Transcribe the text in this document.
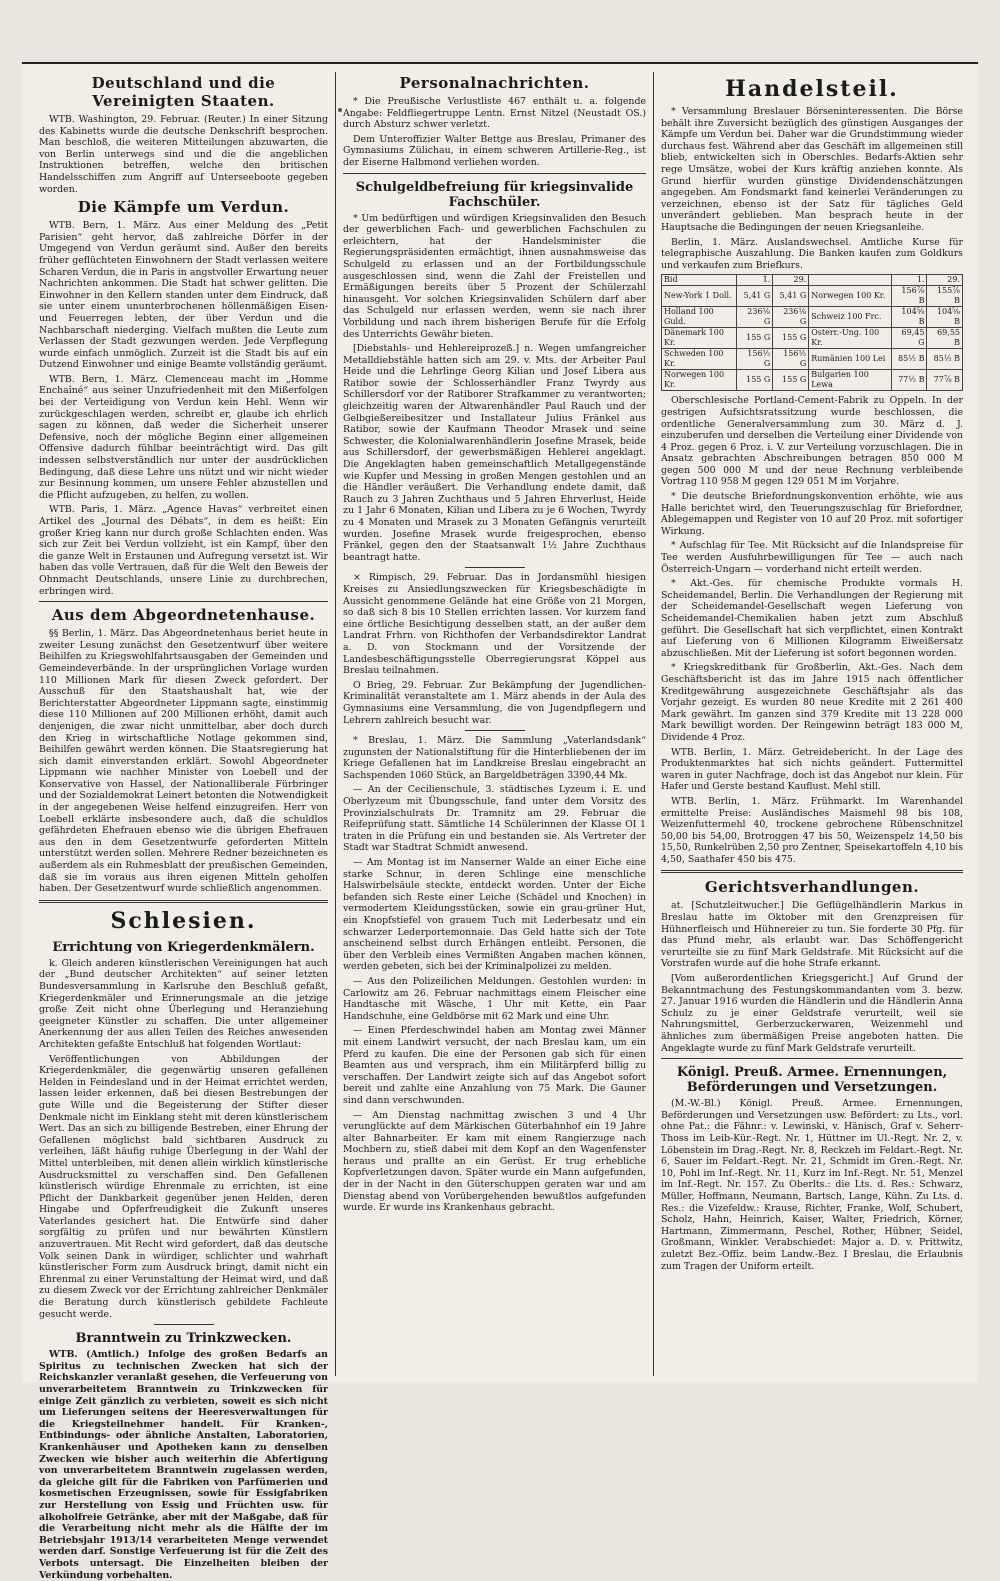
Deutschland und die Vereinigten Staaten.

WTB. Washington, 29. Februar. (Reuter.) In einer Sitzung des Kabinetts wurde die deutsche Denkschrift besprochen. Man beschloß, die weiteren Mitteilungen abzuwarten, die von Berlin unterwegs sind und die die angeblichen Instruktionen betreffen, welche den britischen Handelsschiffen zum Angriff auf Unterseeboote gegeben worden.

Die Kämpfe um Verdun.

WTB. Bern, 1. März. Aus einer Meldung des „Petit Parisien“ geht hervor, daß zahlreiche Dörfer in der Umgegend von Verdun geräumt sind. Außer den bereits früher geflüchteten Einwohnern der Stadt verlassen weitere Scharen Verdun, die in Paris in angstvoller Erwartung neuer Nachrichten ankommen. Die Stadt hat schwer gelitten. Die Einwohner in den Kellern standen unter dem Eindruck, daß sie unter einem ununterbrochenen höllenmäßigen Eisen- und Feuerregen lebten, der über Verdun und die Nachbarschaft niederging. Vielfach mußten die Leute zum Verlassen der Stadt gezwungen werden. Jede Verpflegung wurde einfach unmöglich. Zurzeit ist die Stadt bis auf ein Dutzend Einwohner und einige Beamte vollständig geräumt.

WTB. Bern, 1. März. Clemenceau macht im „Homme Enchaîné“ aus seiner Unzufriedenheit mit den Mißerfolgen bei der Verteidigung von Verdun kein Hehl. Wenn wir zurückgeschlagen werden, schreibt er, glaube ich ehrlich sagen zu können, daß weder die Sicherheit unserer Defensive, noch der mögliche Beginn einer allgemeinen Offensive dadurch fühlbar beeinträchtigt wird. Das gilt indessen selbstverständlich nur unter der ausdrücklichen Bedingung, daß diese Lehre uns nützt und wir nicht wieder zur Besinnung kommen, um unsere Fehler abzustellen und die Pflicht aufzugeben, zu helfen, zu wollen.

WTB. Paris, 1. März. „Agence Havas“ verbreitet einen Artikel des „Journal des Débats“, in dem es heißt: Ein großer Krieg kann nur durch große Schlachten enden. Was sich zur Zeit bei Verdun vollzieht, ist ein Kampf, über den die ganze Welt in Erstaunen und Aufregung versetzt ist. Wir haben das volle Vertrauen, daß für die Welt den Beweis der Ohnmacht Deutschlands, unsere Linie zu durchbrechen, erbringen wird.

Aus dem Abgeordnetenhause.

§§ Berlin, 1. März. Das Abgeordnetenhaus beriet heute in zweiter Lesung zunächst den Gesetzentwurf über weitere Beihilfen zu Kriegswohlfahrtsausgaben der Gemeinden und Gemeindeverbände. In der ursprünglichen Vorlage wurden 110 Millionen Mark für diesen Zweck gefordert. Der Ausschuß für den Staatshaushalt hat, wie der Berichterstatter Abgeordneter Lippmann sagte, einstimmig diese 110 Millionen auf 200 Millionen erhöht, damit auch denjenigen, die zwar nicht unmittelbar, aber doch durch den Krieg in wirtschaftliche Notlage gekommen sind, Beihilfen gewährt werden können. Die Staatsregierung hat sich damit einverstanden erklärt. Sowohl Abgeordneter Lippmann wie nachher Minister von Loebell und der Konservative von Hassel, der Nationalliberale Fürbringer und der Sozialdemokrat Leinert betonten die Notwendigkeit in der angegebenen Weise helfend einzugreifen. Herr von Loebell erklärte insbesondere auch, daß die schuldlos gefährdeten Ehefrauen ebenso wie die übrigen Ehefrauen aus den in dem Gesetzentwurfe geforderten Mitteln unterstützt werden sollen. Mehrere Redner bezeichneten es außerdem als ein Ruhmesblatt der preußischen Gemeinden, daß sie im voraus aus ihren eigenen Mitteln geholfen haben. Der Gesetzentwurf wurde schließlich angenommen.

Schlesien.
Errichtung von Kriegerdenkmälern.

k. Gleich anderen künstlerischen Vereinigungen hat auch der „Bund deutscher Architekten“ auf seiner letzten Bundesversammlung in Karlsruhe den Beschluß gefaßt, Kriegerdenkmäler und Erinnerungsmale an die jetzige große Zeit nicht ohne Überlegung und Heranziehung geeigneter Künstler zu schaffen. Die unter allgemeiner Anerkennung der aus allen Teilen des Reiches anwesenden Architekten gefaßte Entschluß hat folgenden Wortlaut:

Veröffentlichungen von Abbildungen der Kriegerdenkmäler, die gegenwärtig unseren gefallenen Helden in Feindesland und in der Heimat errichtet werden, lassen leider erkennen, daß bei diesen Bestrebungen der gute Wille und die Begeisterung der Stifter dieser Denkmale nicht im Einklang steht mit deren künstlerischem Wert. Das an sich zu billigende Bestreben, einer Ehrung der Gefallenen möglichst bald sichtbaren Ausdruck zu verleihen, läßt häufig ruhige Überlegung in der Wahl der Mittel unterbleiben, mit denen allein wirklich künstlerische Ausdrucksmittel zu verschaffen sind. Den Gefallenen künstlerisch würdige Ehrenmale zu errichten, ist eine Pflicht der Dankbarkeit gegenüber jenen Helden, deren Hingabe und Opferfreudigkeit die Zukunft unseres Vaterlandes gesichert hat. Die Entwürfe sind daher sorgfältig zu prüfen und nur bewährten Künstlern anzuvertrauen. Mit Recht wird gefordert, daß das deutsche Volk seinen Dank in würdiger, schlichter und wahrhaft künstlerischer Form zum Ausdruck bringt, damit nicht ein Ehrenmal zu einer Verunstaltung der Heimat wird, und daß zu diesem Zweck vor der Errichtung zahlreicher Denkmäler die Beratung durch künstlerisch gebildete Fachleute gesucht werde.

Branntwein zu Trinkzwecken.

WTB. (Amtlich.) Infolge des großen Bedarfs an Spiritus zu technischen Zwecken hat sich der Reichskanzler veranlaßt gesehen, die Verfeuerung von unverarbeitetem Branntwein zu Trinkzwecken für einige Zeit gänzlich zu verbieten, soweit es sich nicht um Lieferungen seitens der Heeresverwaltungen für die Kriegsteilnehmer handelt. Für Kranken-, Entbindungs- oder ähnliche Anstalten, Laboratorien, Krankenhäuser und Apotheken kann zu denselben Zwecken wie bisher auch weiterhin die Abfertigung von unverarbeitetem Branntwein zugelassen werden, da gleiche gilt für die Fabriken von Parfümerien und kosmetischen Erzeugnissen, sowie für Essigfabriken zur Herstellung von Essig und Früchten usw. für alkoholfreie Getränke, aber mit der Maßgabe, daß für die Verarbeitung nicht mehr als die Hälfte der im Betriebsjahr 1913/14 verarbeiteten Menge verwendet werden darf. Sonstige Verfeuerung ist für die Zeit des Verbots untersagt. Die Einzelheiten bleiben der Verkündung vorbehalten.

Personalnachrichten.

* Die Preußische Verlustliste 467 enthält u. a. folgende Angabe: Feldfliegertruppe Lentn. Ernst Nitzel (Neustadt OS.) durch Absturz schwer verletzt.

Dem Unteroffizier Walter Bettge aus Breslau, Primaner des Gymnasiums Zülichau, in einem schweren Artillerie-Reg., ist der Eiserne Halbmond verliehen worden.

Schulgeldbefreiung für kriegsinvalide Fachschüler.

* Um bedürftigen und würdigen Kriegsinvaliden den Besuch der gewerblichen Fach- und gewerblichen Fachschulen zu erleichtern, hat der Handelsminister die Regierungspräsidenten ermächtigt, ihnen ausnahmsweise das Schulgeld zu erlassen und an der Fortbildungsschule ausgeschlossen sind, wenn die Zahl der Freistellen und Ermäßigungen bereits über 5 Prozent der Schülerzahl hinausgeht. Vor solchen Kriegsinvaliden Schülern darf aber das Schulgeld nur erlassen werden, wenn sie nach ihrer Vorbildung und nach ihrem bisherigen Berufe für die Erfolg des Unterrichts Gewähr bieten.

[Diebstahls- und Hehlereiprozeß.] n. Wegen umfangreicher Metalldiebstähle hatten sich am 29. v. Mts. der Arbeiter Paul Heide und die Lehrlinge Georg Kilian und Josef Libera aus Ratibor sowie der Schlosserhändler Franz Twyrdy aus Schillersdorf vor der Ratiborer Strafkammer zu verantworten; gleichzeitig waren der Altwarenhändler Paul Rauch und der Gelbgießereibesitzer und Installateur Julius Fränkel aus Ratibor, sowie der Kaufmann Theodor Mrasek und seine Schwester, die Kolonialwarenhändlerin Josefine Mrasek, beide aus Schillersdorf, der gewerbsmäßigen Hehlerei angeklagt. Die Angeklagten haben gemeinschaftlich Metallgegenstände wie Kupfer und Messing in großen Mengen gestohlen und an die Händler veräußert. Die Verhandlung endete damit, daß Rauch zu 3 Jahren Zuchthaus und 5 Jahren Ehrverlust, Heide zu 1 Jahr 6 Monaten, Kilian und Libera zu je 6 Wochen, Twyrdy zu 4 Monaten und Mrasek zu 3 Monaten Gefängnis verurteilt wurden. Josefine Mrasek wurde freigesprochen, ebenso Fränkel, gegen den der Staatsanwalt 1½ Jahre Zuchthaus beantragt hatte.

× Rimpisch, 29. Februar. Das in Jordansmühl hiesigen Kreises zu Ansiedlungszwecken für Kriegsbeschädigte in Aussicht genommene Gelände hat eine Größe von 21 Morgen, so daß sich 8 bis 10 Stellen errichten lassen. Vor kurzem fand eine örtliche Besichtigung desselben statt, an der außer dem Landrat Frhrn. von Richthofen der Verbandsdirektor Landrat a. D. von Stockmann und der Vorsitzende der Landesbeschäftigungsstelle Oberregierungsrat Köppel aus Breslau teilnahmen.

O Brieg, 29. Februar. Zur Bekämpfung der Jugendlichen-Kriminalität veranstaltete am 1. März abends in der Aula des Gymnasiums eine Versammlung, die von Jugendpflegern und Lehrern zahlreich besucht war.

* Breslau, 1. März. Die Sammlung „Vaterlandsdank“ zugunsten der Nationalstiftung für die Hinterbliebenen der im Kriege Gefallenen hat im Landkreise Breslau eingebracht an Sachspenden 1060 Stück, an Bargeldbeträgen 3390,44 Mk.

— An der Cecilienschule, 3. städtisches Lyzeum i. E. und Oberlyzeum mit Übungsschule, fand unter dem Vorsitz des Provinzialschulrats Dr. Tramnitz am 29. Februar die Reifeprüfung statt. Sämtliche 14 Schülerinnen der Klasse OI 1 traten in die Prüfung ein und bestanden sie. Als Vertreter der Stadt war Stadtrat Schmidt anwesend.

— Am Montag ist im Nanserner Walde an einer Eiche eine starke Schnur, in deren Schlinge eine menschliche Halswirbelsäule steckte, entdeckt worden. Unter der Eiche befanden sich Reste einer Leiche (Schädel und Knochen) in vermodertem Kleidungsstücken, sowie ein grau-grüner Hut, ein Knopfstiefel von grauem Tuch mit Lederbesatz und ein schwarzer Lederportemonnaie. Das Geld hatte sich der Tote anscheinend selbst durch Erhängen entleibt. Personen, die über den Verbleib eines Vermißten Angaben machen können, werden gebeten, sich bei der Kriminalpolizei zu melden.

— Aus den Polizeilichen Meldungen. Gestohlen wurden: in Carlowitz am 26. Februar nachmittags einem Fleischer eine Handtasche mit Wäsche, 1 Uhr mit Kette, ein Paar Handschuhe, eine Geldbörse mit 62 Mark und eine Uhr.

— Einen Pferdeschwindel haben am Montag zwei Männer mit einem Landwirt versucht, der nach Breslau kam, um ein Pferd zu kaufen. Die eine der Personen gab sich für einen Beamten aus und versprach, ihm ein Militärpferd billig zu verschaffen. Der Landwirt zeigte sich auf das Angebot sofort bereit und zahlte eine Anzahlung von 75 Mark. Die Gauner sind dann verschwunden.

— Am Dienstag nachmittag zwischen 3 und 4 Uhr verunglückte auf dem Märkischen Güterbahnhof ein 19 Jahre alter Bahnarbeiter. Er kam mit einem Rangierzuge nach Mochbern zu, stieß dabei mit dem Kopf an den Wagenfenster heraus und prallte an ein Gerüst. Er trug erhebliche Kopfverletzungen davon. Später wurde ein Mann aufgefunden, der in der Nacht in den Güterschuppen geraten war und am Dienstag abend von Vorübergehenden bewußtlos aufgefunden wurde. Er wurde ins Krankenhaus gebracht.

Handelsteil.

* Versammlung Breslauer Börseninteressenten. Die Börse behält ihre Zuversicht bezüglich des günstigen Ausganges der Kämpfe um Verdun bei. Daher war die Grundstimmung wieder durchaus fest. Während aber das Geschäft im allgemeinen still blieb, entwickelten sich in Oberschles. Bedarfs-Aktien sehr rege Umsätze, wobei der Kurs kräftig anziehen konnte. Als Grund hierfür wurden günstige Dividendenschätzungen angegeben. Am Fondsmarkt fand keinerlei Veränderungen zu verzeichnen, ebenso ist der Satz für tägliches Geld unverändert geblieben. Man besprach heute in der Hauptsache die Bedingungen der neuen Kriegsanleihe.

Berlin, 1. März. Auslandswechsel. Amtliche Kurse für telegraphische Auszahlung. Die Banken kaufen zum Goldkurs und verkaufen zum Briefkurs.

Bid	1.	29.		1.	29.
New-York 1 Doll.	5,41 G	5,41 G	Norwegen 100 Kr.	156⅞ B	155⅞ B
Holland 100 Guld.	236⅛ G	236⅛ G	Schweiz 100 Frc.	104⅝ B	104⅝ B
Dänemark 100 Kr.	155 G	155 G	Österr.-Ung. 100 Kr.	69,45 G	69,55 B
Schweden 100 Kr.	156½ G	156½ G	Rumänien 100 Lei	85½ B	85½ B
Norwegen 100 Kr.	155 G	155 G	Bulgarien 100 Lewa	77½ B	77⅞ B

Oberschlesische Portland-Cement-Fabrik zu Oppeln. In der gestrigen Aufsichtsratssitzung wurde beschlossen, die ordentliche Generalversammlung zum 30. März d. J. einzuberufen und derselben die Verteilung einer Dividende von 4 Proz. gegen 6 Proz. i. V. zur Verteilung vorzuschlagen. Die in Ansatz gebrachten Abschreibungen betragen 850 000 M gegen 500 000 M und der neue Rechnung verbleibende Vortrag 110 958 M gegen 129 051 M im Vorjahre.

* Die deutsche Briefordnungskonvention erhöhte, wie aus Halle berichtet wird, den Teuerungszuschlag für Briefordner, Ablegemappen und Register von 10 auf 20 Proz. mit sofortiger Wirkung.

* Aufschlag für Tee. Mit Rücksicht auf die Inlandspreise für Tee werden Ausfuhrbewilligungen für Tee — auch nach Österreich-Ungarn — vorderhand nicht erteilt werden.

* Akt.-Ges. für chemische Produkte vormals H. Scheidemandel, Berlin. Die Verhandlungen der Regierung mit der Scheidemandel-Gesellschaft wegen Lieferung von Scheidemandel-Chemikalien haben jetzt zum Abschluß geführt. Die Gesellschaft hat sich verpflichtet, einen Kontrakt auf Lieferung von 6 Millionen Kilogramm Eiweißersatz abzuschließen. Mit der Lieferung ist sofort begonnen worden.

* Kriegskreditbank für Großberlin, Akt.-Ges. Nach dem Geschäftsbericht ist das im Jahre 1915 nach öffentlicher Kreditgewährung ausgezeichnete Geschäftsjahr als das Vorjahr gezeigt. Es wurden 80 neue Kredite mit 2 261 400 Mark gewährt. Im ganzen sind 379 Kredite mit 13 228 000 Mark bewilligt worden. Der Reingewinn beträgt 183 000 M, Dividende 4 Proz.

WTB. Berlin, 1. März. Getreidebericht. In der Lage des Produktenmarktes hat sich nichts geändert. Futtermittel waren in guter Nachfrage, doch ist das Angebot nur klein. Für Hafer und Gerste bestand Kauflust. Mehl still.

WTB. Berlin, 1. März. Frühmarkt. Im Warenhandel ermittelte Preise: Ausländisches Maismehl 98 bis 108, Weizenfuttermehl 40, trockene gebrochene Rübenschnitzel 50,00 bis 54,00, Brotroggen 47 bis 50, Weizenspelz 14,50 bis 15,50, Runkelrüben 2,50 pro Zentner, Speisekartoffeln 4,10 bis 4,50, Saathafer 450 bis 475.

Gerichtsverhandlungen.

at. [Schutzleitwucher.] Die Geflügelhändlerin Markus in Breslau hatte im Oktober mit den Grenzpreisen für Hühnerfleisch und Hühnereier zu tun. Sie forderte 30 Pfg. für das Pfund mehr, als erlaubt war. Das Schöffengericht verurteilte sie zu fünf Mark Geldstrafe. Mit Rücksicht auf die Vorstrafen wurde auf die hohe Strafe erkannt.

[Vom außerordentlichen Kriegsgericht.] Auf Grund der Bekanntmachung des Festungskommandanten vom 3. bezw. 27. Januar 1916 wurden die Händlerin und die Händlerin Anna Schulz zu je einer Geldstrafe verurteilt, weil sie Nahrungsmittel, Gerberzuckerwaren, Weizenmehl und ähnliches zum übermäßigen Preise angeboten hatten. Die Angeklagte wurde zu fünf Mark Geldstrafe verurteilt.

Königl. Preuß. Armee. Ernennungen, Beförderungen und Versetzungen.

(M.-W.-Bl.) Königl. Preuß. Armee. Ernennungen, Beförderungen und Versetzungen usw. Befördert: zu Lts., vorl. ohne Pat.: die Fähnr.: v. Lewinski, v. Hänisch, Graf v. Seherr-Thoss im Leib-Kür.-Regt. Nr. 1, Hüttner im Ul.-Regt. Nr. 2, v. Löbenstein im Drag.-Regt. Nr. 8, Reckzeh im Feldart.-Regt. Nr. 6, Sauer im Feldart.-Regt. Nr. 21, Schmidt im Gren.-Regt. Nr. 10, Pohl im Inf.-Regt. Nr. 11, Kurz im Inf.-Regt. Nr. 51, Menzel im Inf.-Regt. Nr. 157. Zu Oberlts.: die Lts. d. Res.: Schwarz, Müller, Hoffmann, Neumann, Bartsch, Lange, Kühn. Zu Lts. d. Res.: die Vizefeldw.: Krause, Richter, Franke, Wolf, Schubert, Scholz, Hahn, Heinrich, Kaiser, Walter, Friedrich, Körner, Hartmann, Zimmermann, Peschel, Rother, Hübner, Seidel, Großmann, Winkler. Verabschiedet: Major a. D. v. Prittwitz, zuletzt Bez.-Offiz. beim Landw.-Bez. I Breslau, die Erlaubnis zum Tragen der Uniform erteilt.
